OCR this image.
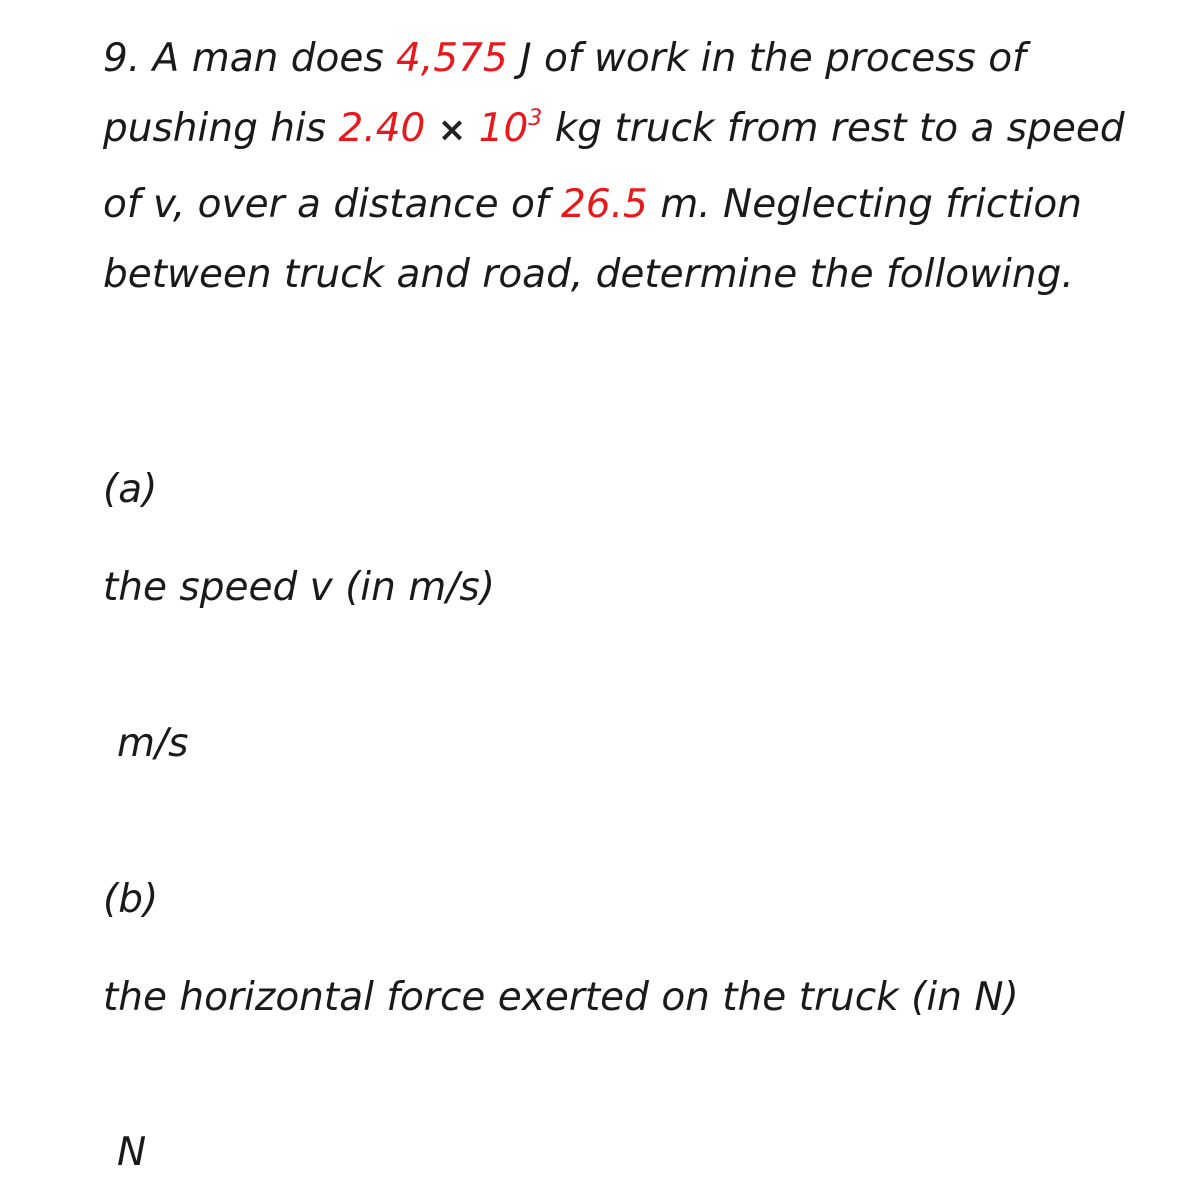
9. A man does 4,575 J of work in the process of pushing his $2.40 \times 10^3$ kg truck from rest to a speed of v, over a distance of 26.5 m. Neglecting friction between truck and road, determine the following.

(a)
the speed v (in m/s)
m/s
(b)
the horizontal force exerted on the truck (in N)
N
